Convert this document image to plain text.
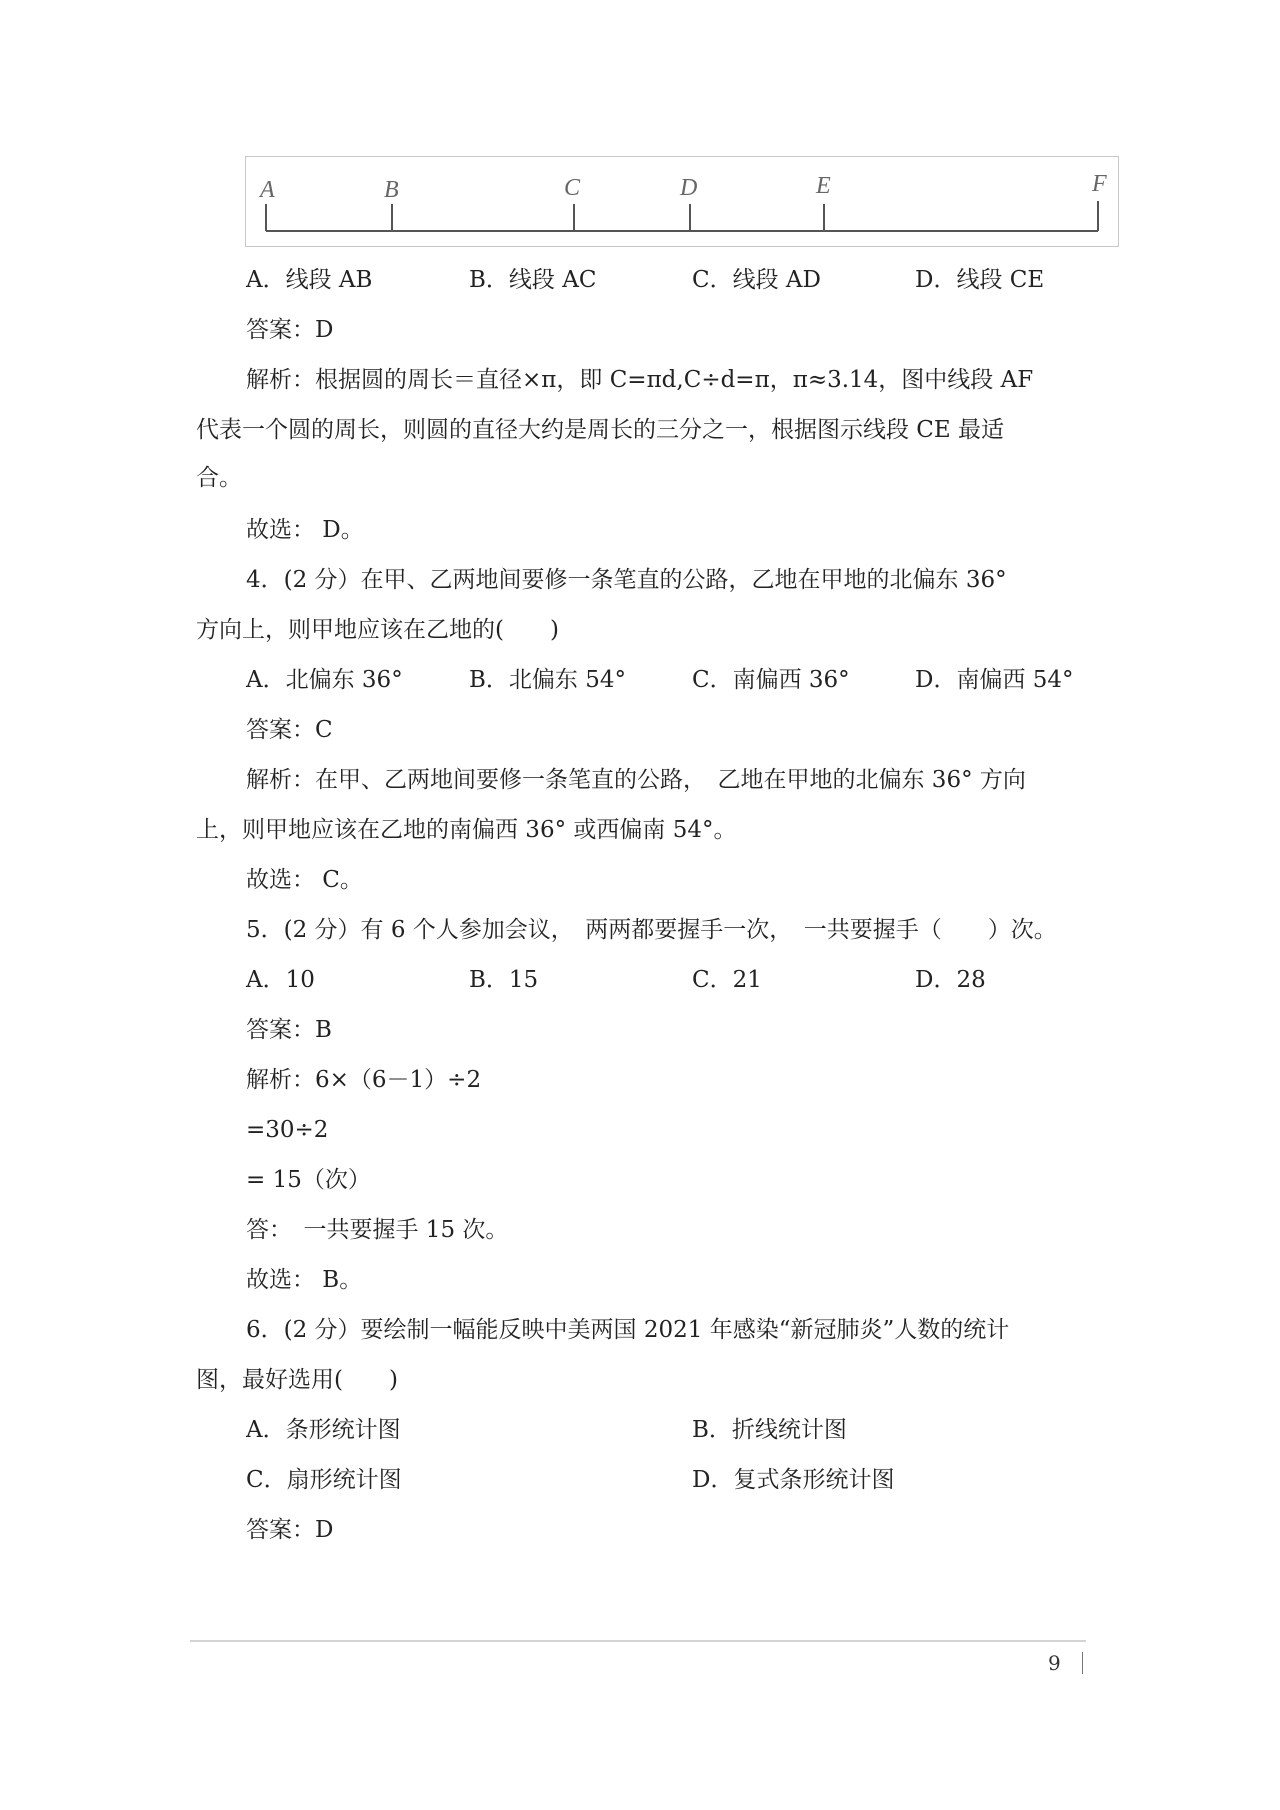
A	B	C	D	E	F
A．线段 AB	B．线段 AC	C．线段 AD	D．线段 CE
答案：D
解析：根据圆的周长＝直径×π，即 C=πd,C÷d=π，π≈3.14，图中线段 AF
代表一个圆的周长，则圆的直径大约是周长的三分之一，根据图示线段 CE 最适
合。
故选： D。
4．(2 分）在甲、乙两地间要修一条笔直的公路，乙地在甲地的北偏东 36°
方向上，则甲地应该在乙地的(　　)
A．北偏东 36°	B．北偏东 54°	C．南偏西 36°	D．南偏西 54°
答案：C
解析：在甲、乙两地间要修一条笔直的公路，　乙地在甲地的北偏东 36° 方向
上，则甲地应该在乙地的南偏西 36° 或西偏南 54°。
故选： C。
5．(2 分）有 6 个人参加会议，　两两都要握手一次，　一共要握手（　　）次。
A．10	B．15	C．21	D．28
答案：B
解析：6×（6－1）÷2
=30÷2
= 15（次）
答：　一共要握手 15 次。
故选： B。
6．(2 分）要绘制一幅能反映中美两国 2021 年感染“新冠肺炎”人数的统计
图，最好选用(　　)
A．条形统计图	B．折线统计图
C．扇形统计图	D．复式条形统计图
答案：D
9
